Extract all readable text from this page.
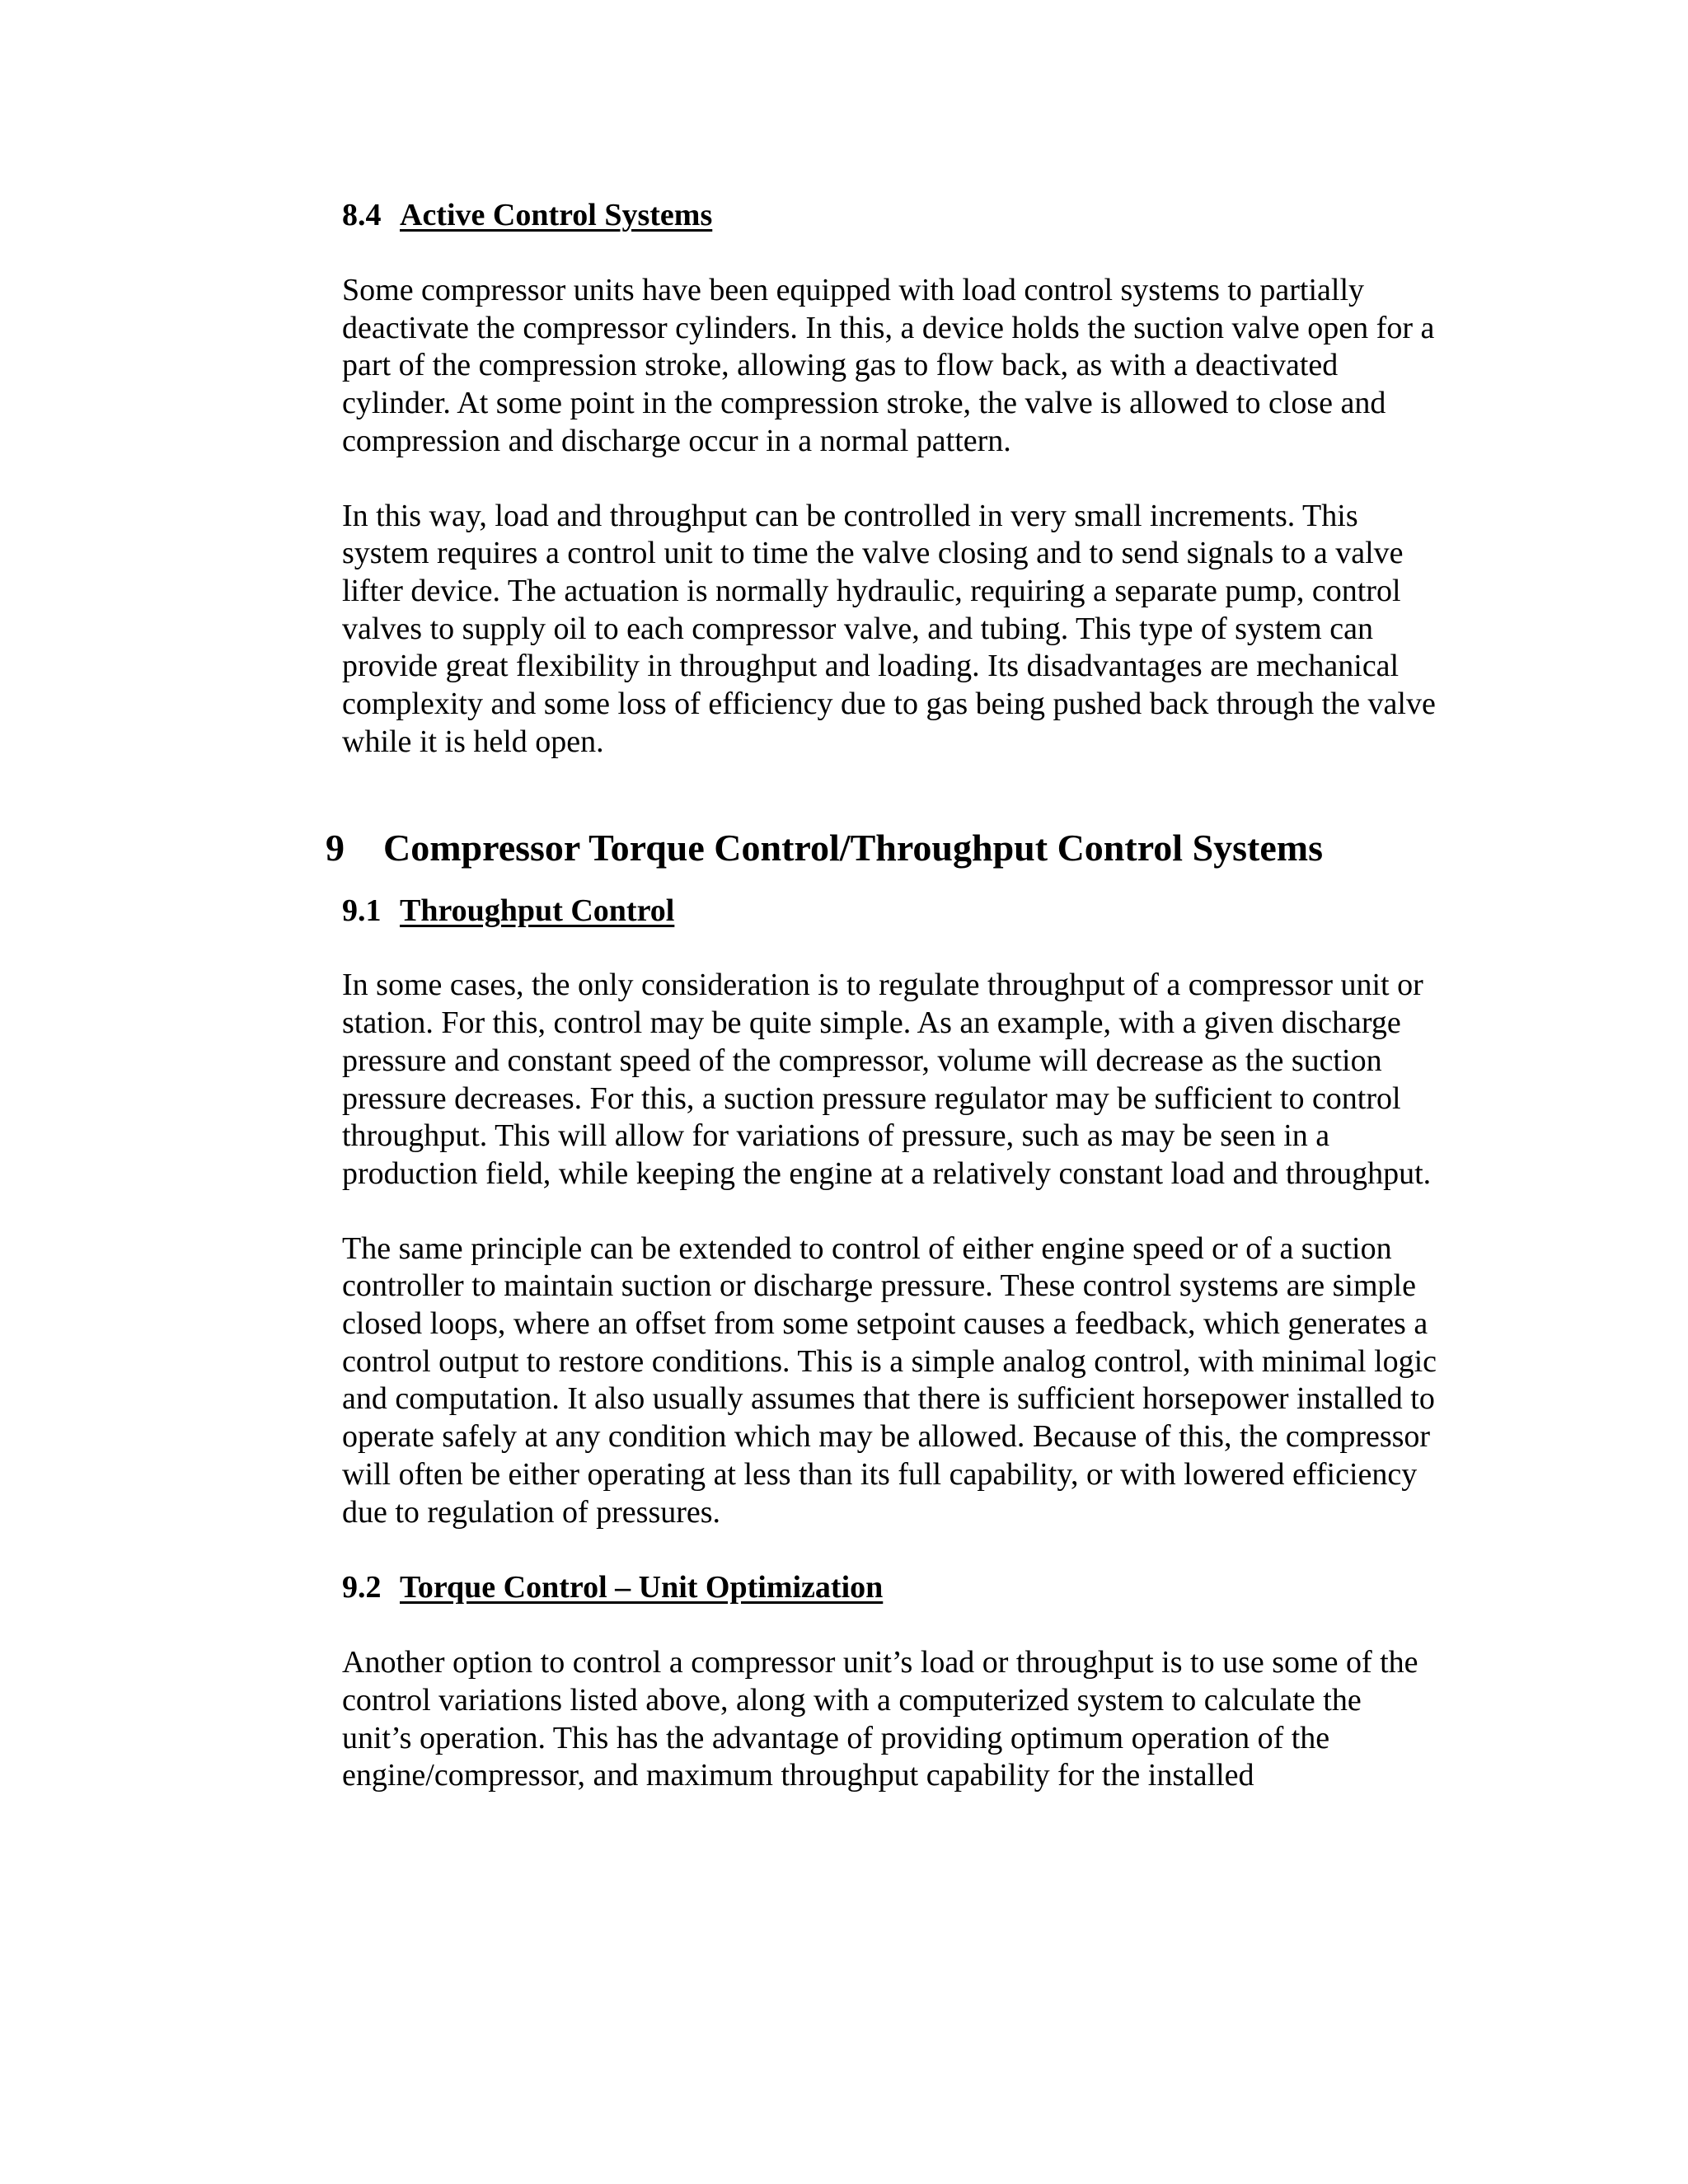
8.4 Active Control Systems

Some compressor units have been equipped with load control systems to partially deactivate the compressor cylinders. In this, a device holds the suction valve open for a part of the compression stroke, allowing gas to flow back, as with a deactivated cylinder. At some point in the compression stroke, the valve is allowed to close and compression and discharge occur in a normal pattern.

In this way, load and throughput can be controlled in very small increments. This system requires a control unit to time the valve closing and to send signals to a valve lifter device. The actuation is normally hydraulic, requiring a separate pump, control valves to supply oil to each compressor valve, and tubing. This type of system can provide great flexibility in throughput and loading. Its disadvantages are mechanical complexity and some loss of efficiency due to gas being pushed back through the valve while it is held open.

9 Compressor Torque Control/Throughput Control Systems
9.1 Throughput Control

In some cases, the only consideration is to regulate throughput of a compressor unit or station. For this, control may be quite simple. As an example, with a given discharge pressure and constant speed of the compressor, volume will decrease as the suction pressure decreases. For this, a suction pressure regulator may be sufficient to control throughput. This will allow for variations of pressure, such as may be seen in a production field, while keeping the engine at a relatively constant load and throughput.

The same principle can be extended to control of either engine speed or of a suction controller to maintain suction or discharge pressure. These control systems are simple closed loops, where an offset from some setpoint causes a feedback, which generates a control output to restore conditions. This is a simple analog control, with minimal logic and computation. It also usually assumes that there is sufficient horsepower installed to operate safely at any condition which may be allowed. Because of this, the compressor will often be either operating at less than its full capability, or with lowered efficiency due to regulation of pressures.

9.2 Torque Control – Unit Optimization

Another option to control a compressor unit’s load or throughput is to use some of the control variations listed above, along with a computerized system to calculate the unit’s operation. This has the advantage of providing optimum operation of the engine/compressor, and maximum throughput capability for the installed
